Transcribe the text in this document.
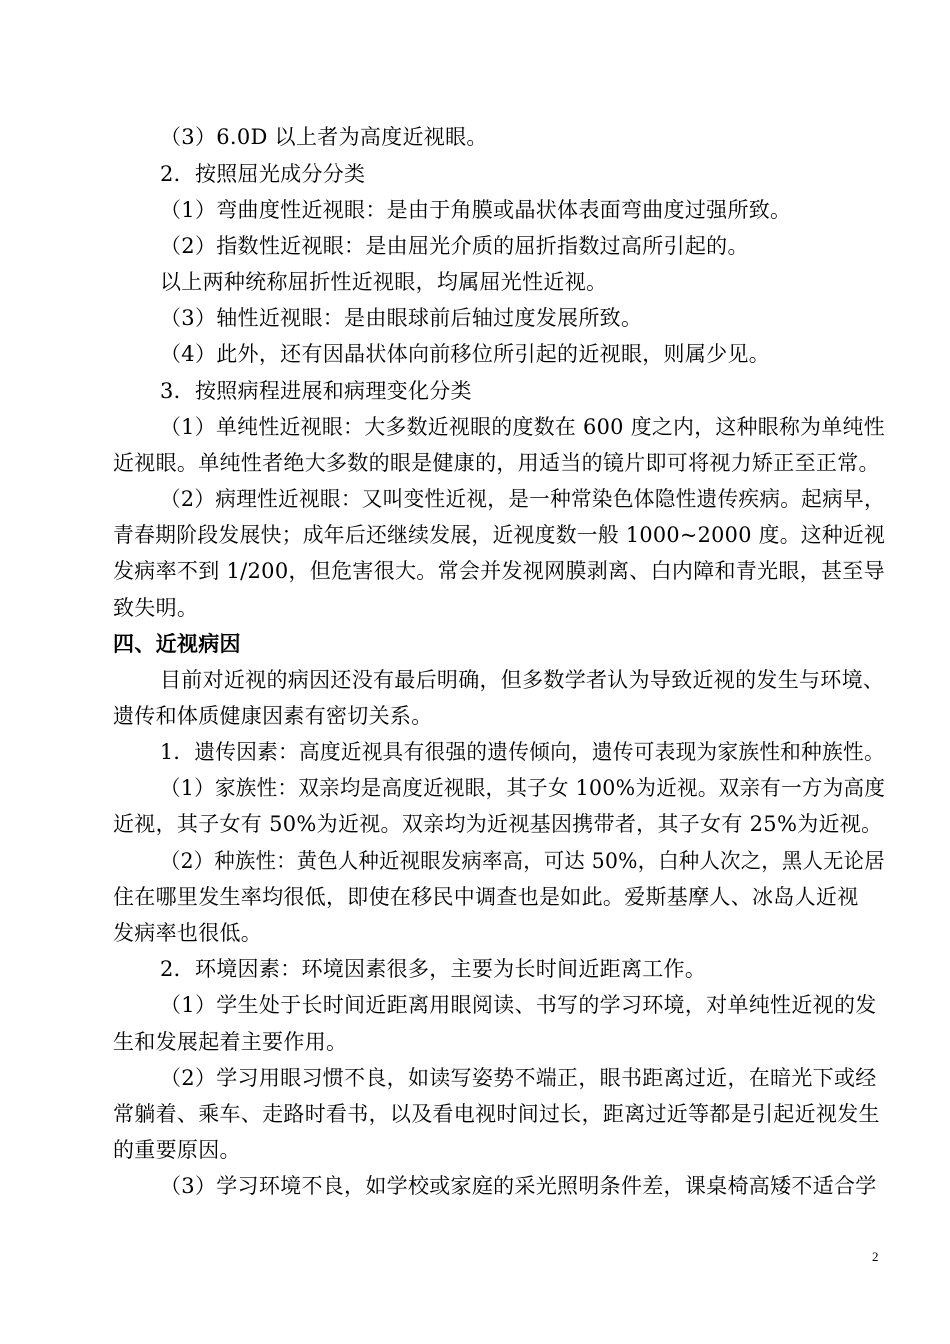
（3）6.0D 以上者为高度近视眼。
2．按照屈光成分分类
（1）弯曲度性近视眼：是由于角膜或晶状体表面弯曲度过强所致。
（2）指数性近视眼：是由屈光介质的屈折指数过高所引起的。
以上两种统称屈折性近视眼，均属屈光性近视。
（3）轴性近视眼：是由眼球前后轴过度发展所致。
（4）此外，还有因晶状体向前移位所引起的近视眼，则属少见。
3．按照病程进展和病理变化分类
（1）单纯性近视眼：大多数近视眼的度数在 600 度之内，这种眼称为单纯性
近视眼。单纯性者绝大多数的眼是健康的，用适当的镜片即可将视力矫正至正常。
（2）病理性近视眼：又叫变性近视，是一种常染色体隐性遗传疾病。起病早，
青春期阶段发展快；成年后还继续发展，近视度数一般 1000~2000 度。这种近视
发病率不到 1/200，但危害很大。常会并发视网膜剥离、白内障和青光眼，甚至导
致失明。
四、近视病因
目前对近视的病因还没有最后明确，但多数学者认为导致近视的发生与环境、
遗传和体质健康因素有密切关系。
1．遗传因素：高度近视具有很强的遗传倾向，遗传可表现为家族性和种族性。
（1）家族性：双亲均是高度近视眼，其子女 100%为近视。双亲有一方为高度
近视，其子女有 50%为近视。双亲均为近视基因携带者，其子女有 25%为近视。
（2）种族性：黄色人种近视眼发病率高，可达 50%，白种人次之，黑人无论居
住在哪里发生率均很低，即使在移民中调查也是如此。爱斯基摩人、冰岛人近视
发病率也很低。
2．环境因素：环境因素很多，主要为长时间近距离工作。
（1）学生处于长时间近距离用眼阅读、书写的学习环境，对单纯性近视的发
生和发展起着主要作用。
（2）学习用眼习惯不良，如读写姿势不端正，眼书距离过近，在暗光下或经
常躺着、乘车、走路时看书，以及看电视时间过长，距离过近等都是引起近视发生
的重要原因。
（3）学习环境不良，如学校或家庭的采光照明条件差，课桌椅高矮不适合学
2
